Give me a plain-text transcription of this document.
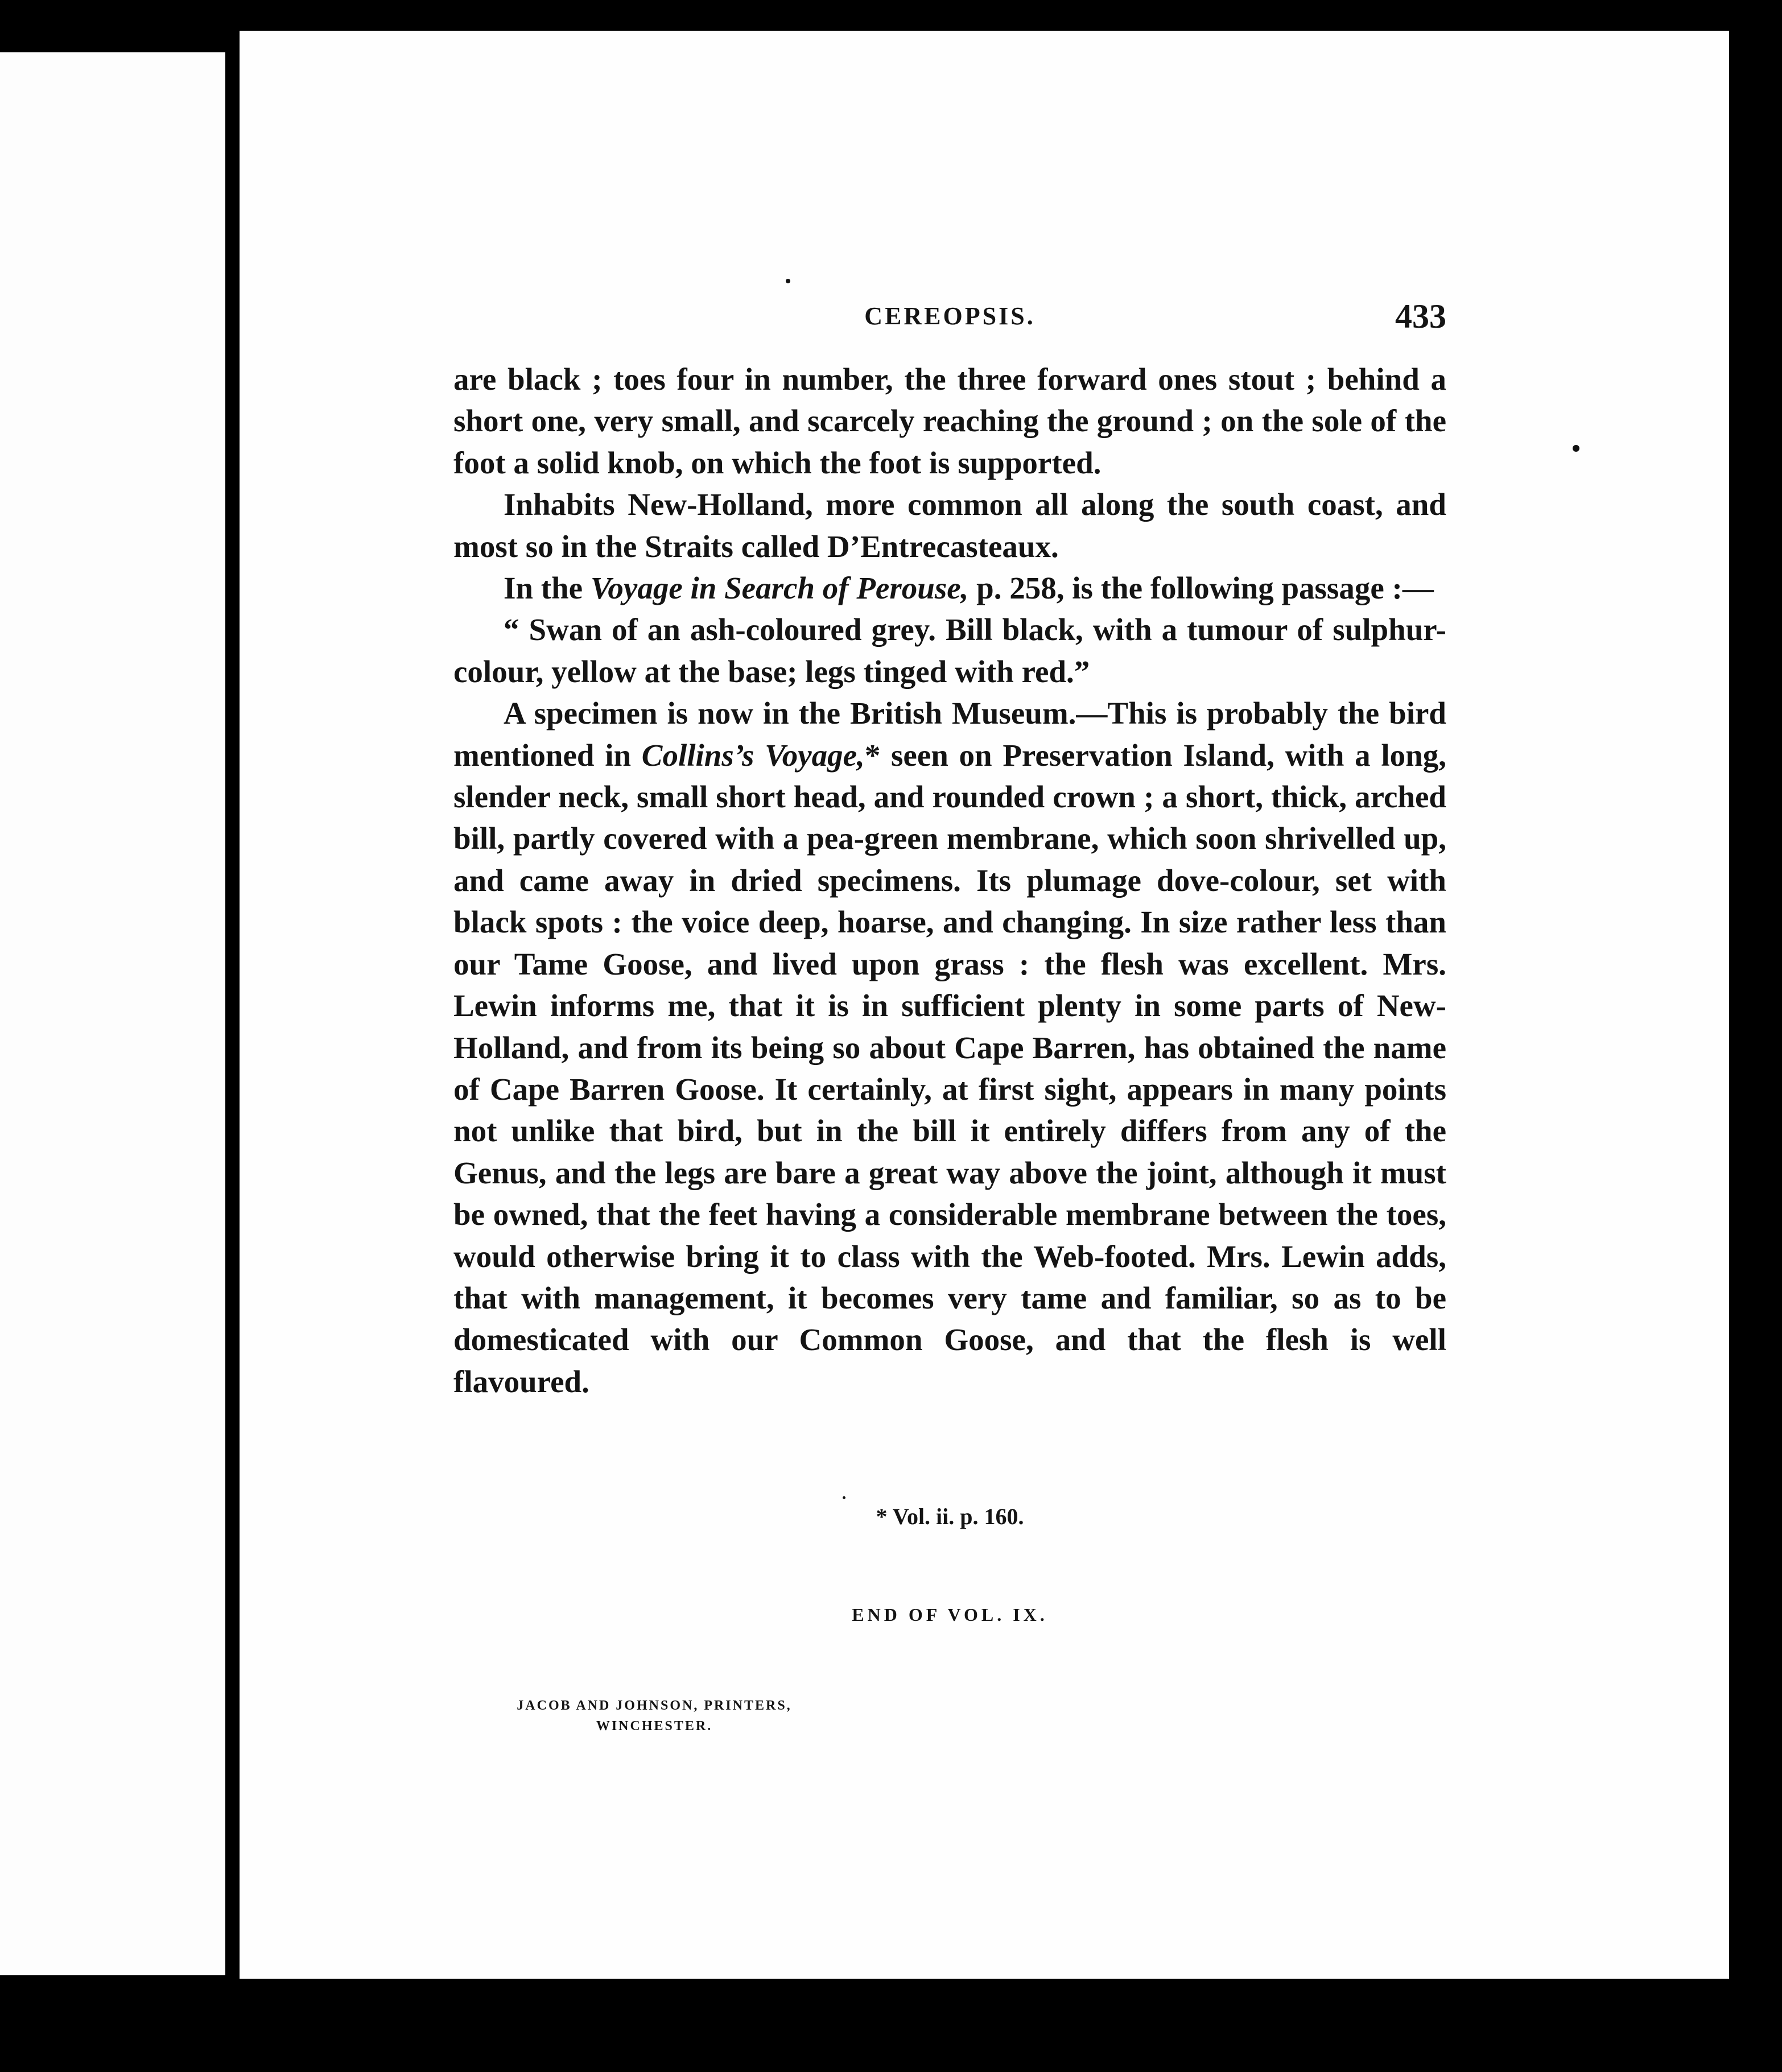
CEREOPSIS.	433

are black ; toes four in number, the three forward ones stout ; behind a short one, very small, and scarcely reaching the ground ; on the sole of the foot a solid knob, on which the foot is supported.

Inhabits New-Holland, more common all along the south coast, and most so in the Straits called D’Entrecasteaux.

In the Voyage in Search of Perouse, p. 258, is the following passage :—

“ Swan of an ash-coloured grey. Bill black, with a tumour of sulphur-colour, yellow at the base; legs tinged with red.”

A specimen is now in the British Museum.—This is probably the bird mentioned in Collins’s Voyage,* seen on Preservation Island, with a long, slender neck, small short head, and rounded crown ; a short, thick, arched bill, partly covered with a pea-green membrane, which soon shrivelled up, and came away in dried specimens. Its plumage dove-colour, set with black spots : the voice deep, hoarse, and changing. In size rather less than our Tame Goose, and lived upon grass : the flesh was excellent. Mrs. Lewin informs me, that it is in sufficient plenty in some parts of New-Holland, and from its being so about Cape Barren, has obtained the name of Cape Barren Goose. It certainly, at first sight, appears in many points not unlike that bird, but in the bill it entirely differs from any of the Genus, and the legs are bare a great way above the joint, although it must be owned, that the feet having a considerable membrane between the toes, would otherwise bring it to class with the Web-footed. Mrs. Lewin adds, that with management, it becomes very tame and familiar, so as to be domesticated with our Common Goose, and that the flesh is well flavoured.

* Vol. ii. p. 160.
END OF VOL. IX.
JACOB AND JOHNSON, PRINTERS,
WINCHESTER.
